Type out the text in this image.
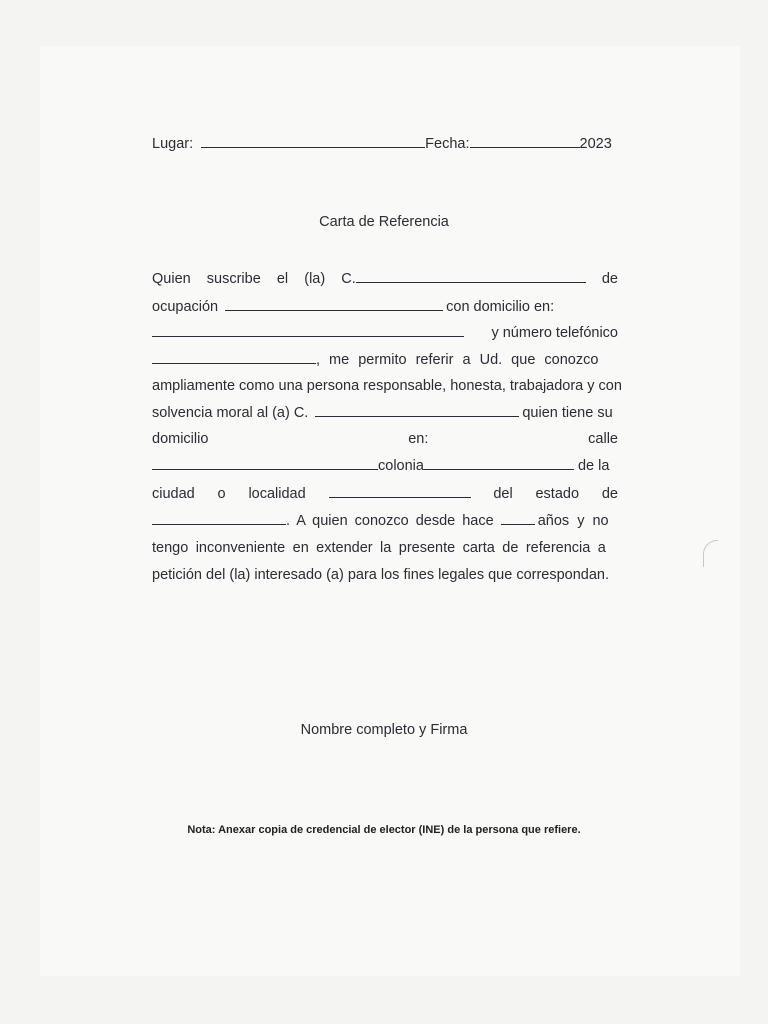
Lugar:	Fecha:	2023
Carta de Referencia
Quien suscribe el (la) C.	de
ocupación	con domicilio en:
y número telefónico
, me permito referir a Ud. que conozco
ampliamente como una persona responsable, honesta, trabajadora y con
solvencia moral al (a) C.	quien tiene su
domicilio	en:	calle
colonia	de la
ciudad o localidad	del estado de
. A quien conozco desde hace	años y no
tengo inconveniente en extender la presente carta de referencia a
petición del (la) interesado (a) para los fines legales que correspondan.
Nombre completo y Firma
Nota: Anexar copia de credencial de elector (INE) de la persona que refiere.
